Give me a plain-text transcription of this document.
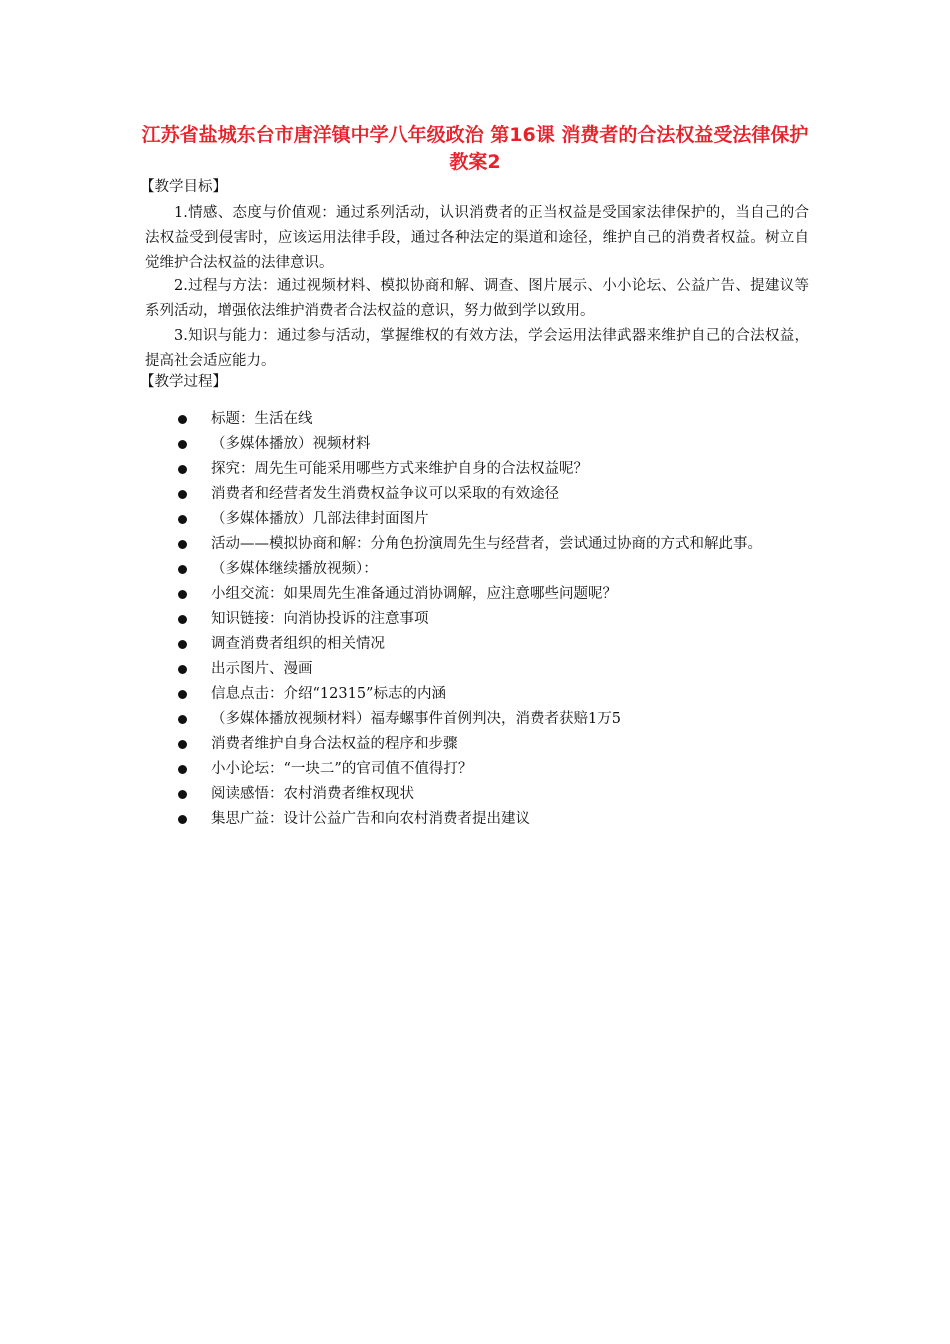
江苏省盐城东台市唐洋镇中学八年级政治 第16课 消费者的合法权益受法律保护教案2

【教学目标】

1.情感、态度与价值观：通过系列活动，认识消费者的正当权益是受国家法律保护的，当自己的合法权益受到侵害时，应该运用法律手段，通过各种法定的渠道和途径，维护自己的消费者权益。树立自觉维护合法权益的法律意识。

2.过程与方法：通过视频材料、模拟协商和解、调查、图片展示、小小论坛、公益广告、提建议等系列活动，增强依法维护消费者合法权益的意识，努力做到学以致用。

3.知识与能力：通过参与活动，掌握维权的有效方法，学会运用法律武器来维护自己的合法权益，提高社会适应能力。

【教学过程】

标题：生活在线
（多媒体播放）视频材料
探究：周先生可能采用哪些方式来维护自身的合法权益呢？
消费者和经营者发生消费权益争议可以采取的有效途径
（多媒体播放）几部法律封面图片
活动——模拟协商和解：分角色扮演周先生与经营者，尝试通过协商的方式和解此事。
（多媒体继续播放视频）：
小组交流：如果周先生准备通过消协调解，应注意哪些问题呢？
知识链接：向消协投诉的注意事项
调查消费者组织的相关情况
出示图片、漫画
信息点击：介绍“12315”标志的内涵
（多媒体播放视频材料）福寿螺事件首例判决，消费者获赔1万5
消费者维护自身合法权益的程序和步骤
小小论坛：“一块二”的官司值不值得打？
阅读感悟：农村消费者维权现状
集思广益：设计公益广告和向农村消费者提出建议
